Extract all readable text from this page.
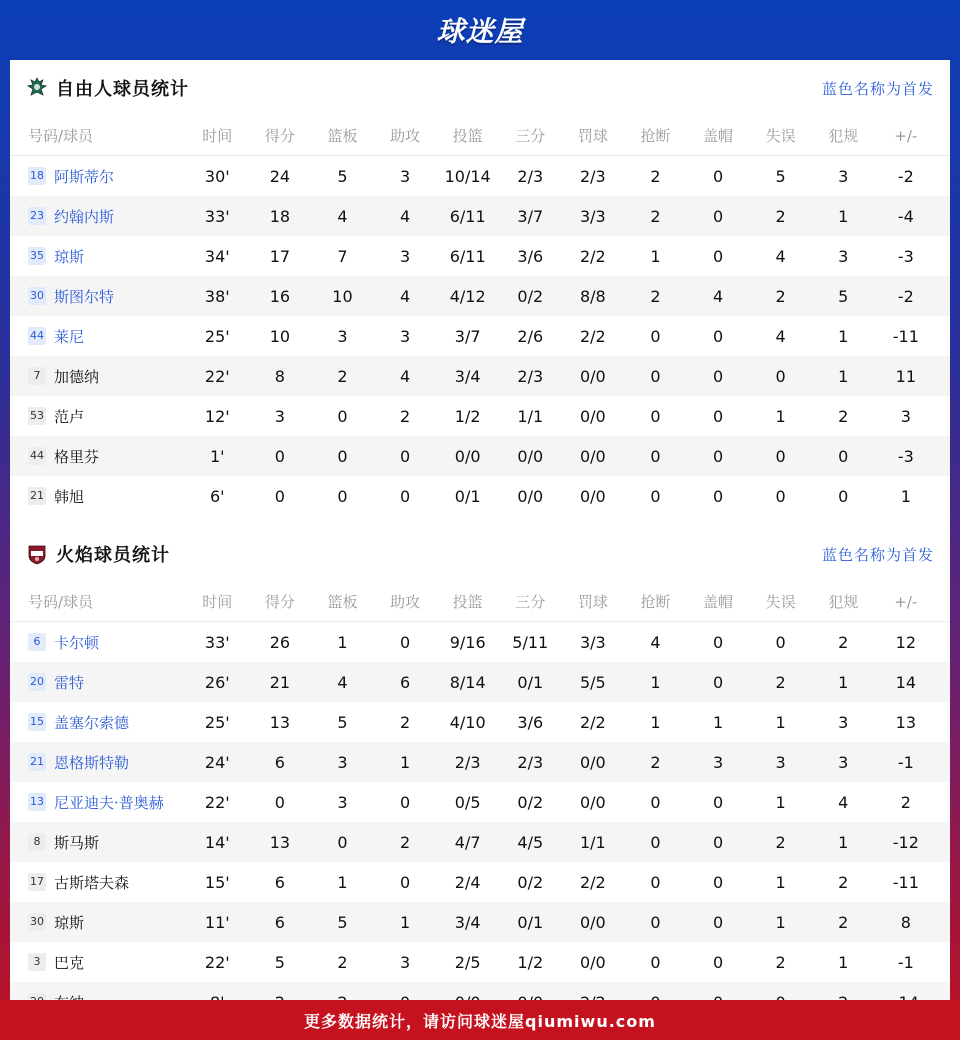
球迷屋
自由人球员统计	蓝色名称为首发
号码/球员	时间	得分	篮板	助攻	投篮	三分	罚球	抢断	盖帽	失误	犯规	+/-
18 阿斯蒂尔	30'	24	5	3	10/14	2/3	2/3	2	0	5	3	-2
23 约翰内斯	33'	18	4	4	6/11	3/7	3/3	2	0	2	1	-4
35 琼斯	34'	17	7	3	6/11	3/6	2/2	1	0	4	3	-3
30 斯图尔特	38'	16	10	4	4/12	0/2	8/8	2	4	2	5	-2
44 莱尼	25'	10	3	3	3/7	2/6	2/2	0	0	4	1	-11
7 加德纳	22'	8	2	4	3/4	2/3	0/0	0	0	0	1	11
53 范卢	12'	3	0	2	1/2	1/1	0/0	0	0	1	2	3
44 格里芬	1'	0	0	0	0/0	0/0	0/0	0	0	0	0	-3
21 韩旭	6'	0	0	0	0/1	0/0	0/0	0	0	0	0	1
火焰球员统计	蓝色名称为首发
号码/球员	时间	得分	篮板	助攻	投篮	三分	罚球	抢断	盖帽	失误	犯规	+/-
6 卡尔顿	33'	26	1	0	9/16	5/11	3/3	4	0	0	2	12
20 雷特	26'	21	4	6	8/14	0/1	5/5	1	0	2	1	14
15 盖塞尔索德	25'	13	5	2	4/10	3/6	2/2	1	1	1	3	13
21 恩格斯特勒	24'	6	3	1	2/3	2/3	0/0	2	3	3	3	-1
13 尼亚迪夫·普奥赫	22'	0	3	0	0/5	0/2	0/0	0	0	1	4	2
8 斯马斯	14'	13	0	2	4/7	4/5	1/1	0	0	2	1	-12
17 古斯塔夫森	15'	6	1	0	2/4	0/2	2/2	0	0	1	2	-11
30 琼斯	11'	6	5	1	3/4	0/1	0/0	0	0	1	2	8
3 巴克	22'	5	2	3	2/5	1/2	0/0	0	0	2	1	-1
更多数据统计，请访问球迷屋qiumiwu.com
